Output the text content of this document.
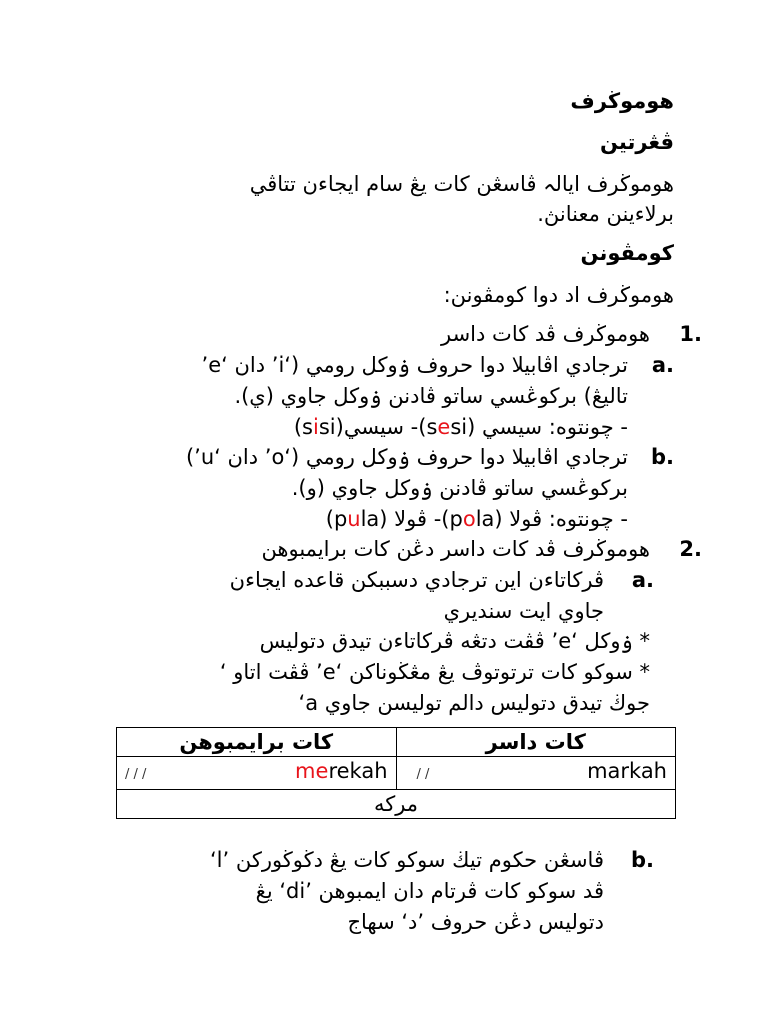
هوموڬرف
ڤڠرتين
هوموڬرف ايالہ ڤاسڠن كات يڠ سام ايجاءن تتاڤي
برلاءينن معنانڽ.
كومڤونن
هوموڬرف اد دوا كومڤونن:
1.
هوموڬرف ڤد كات داسر
a.
ترجادي اڤابيلا دوا حروف ۏوكل رومي (‘i’ دان ‘e’
تاليڠ) بركوڠسي ساتو ڤادنن ۏوكل جاوي (ي).
- چونتوه: سيسي (sesi)- سيسي(sisi)
b.
ترجادي اڤابيلا دوا حروف ۏوكل رومي (‘o’ دان ‘u’)
بركوڠسي ساتو ڤادنن ۏوكل جاوي (و).
- چونتوه: ڤولا (pola)- ڤولا (pula)
2.
هوموڬرف ڤد كات داسر دڠن كات برايمبوهن
a.
ڤركاتاءن اين ترجادي دسببكن قاعده ايجاءن
جاوي ايت سنديري
* ۏوكل ‘e’ ڤڤت دتڠه ڤركاتاءن تيدق دتوليس
* سوكو كات ترتوتوڤ يڠ مڠڬوناكن ‘e’ ڤڤت اتاو ‘
‘a جوڬ تيدق دتوليس دالم توليسن جاوي
كات برايمبوهن	كات داسر
/ / / merekah	/ / markah

مركه	
b.
ڤاسڠن حكوم تيڬ سوكو كات يڠ دڬوڬوركن ’l‘
ڤد سوكو كات ڤرتام دان ايمبوهن ’di‘ يڠ
دتوليس دڠن حروف ’د‘ سهاج
